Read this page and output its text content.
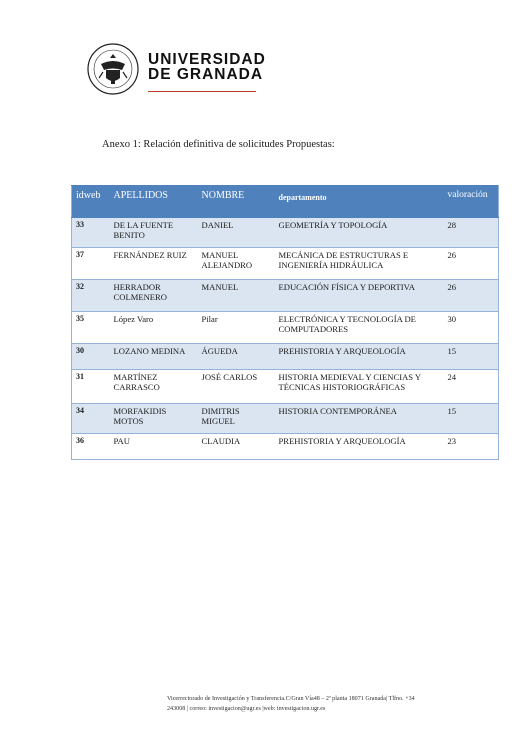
UNIVERSIDAD
DE GRANADA
Anexo 1: Relación definitiva de solicitudes Propuestas:
idweb	APELLIDOS	NOMBRE	departamento	valoración
33	DE LA FUENTE BENITO	DANIEL	GEOMETRÍA Y TOPOLOGÍA	28
37	FERNÁNDEZ RUIZ	MANUEL ALEJANDRO	MECÁNICA DE ESTRUCTURAS E INGENIERÍA HIDRÁULICA	26
32	HERRADOR COLMENERO	MANUEL	EDUCACIÓN FÍSICA Y DEPORTIVA	26
35	López Varo	Pilar	ELECTRÓNICA Y TECNOLOGÍA DE COMPUTADORES	30
30	LOZANO MEDINA	ÁGUEDA	PREHISTORIA Y ARQUEOLOGÍA	15
31	MARTÍNEZ CARRASCO	JOSÉ CARLOS	HISTORIA MEDIEVAL Y CIENCIAS Y TÉCNICAS HISTORIOGRÁFICAS	24
34	MORFAKIDIS MOTOS	DIMITRIS MIGUEL	HISTORIA CONTEMPORÁNEA	15
36	PAU	CLAUDIA	PREHISTORIA Y ARQUEOLOGÍA	23
Vicerrectorado de Investigación y Transferencia.C/Gran Vía48 – 2ª planta 18071 Granada| Tlfno. +34
243008 | correo: investigacion@ugr.es |web: investigacion.ugr.es
